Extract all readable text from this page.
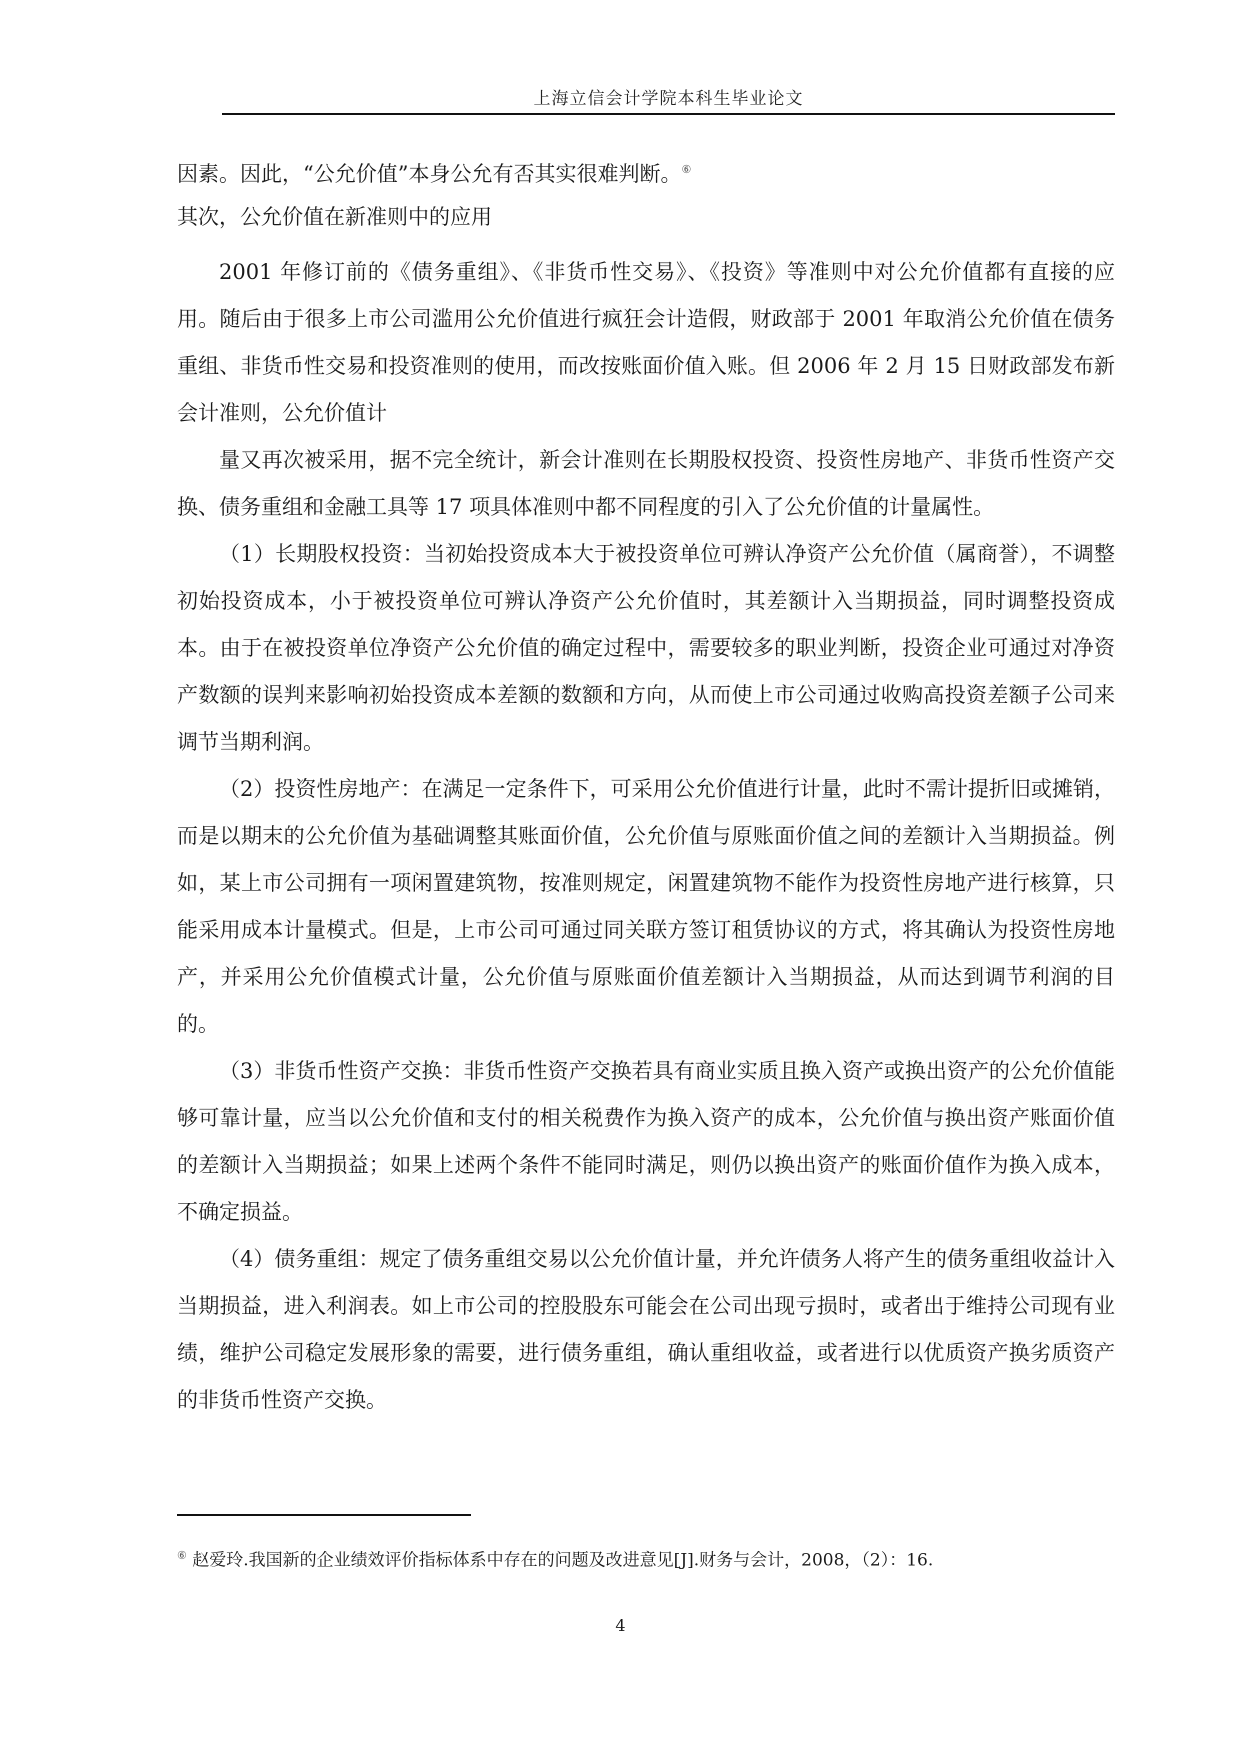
上海立信会计学院本科生毕业论文

因素。因此，“公允价值”本身公允有否其实很难判断。⑥

其次，公允价值在新准则中的应用

2001 年修订前的《债务重组》、《非货币性交易》、《投资》等准则中对公允价值都有直接的应用。随后由于很多上市公司滥用公允价值进行疯狂会计造假，财政部于 2001 年取消公允价值在债务重组、非货币性交易和投资准则的使用，而改按账面价值入账。但 2006 年 2 月 15 日财政部发布新会计准则，公允价值计

量又再次被采用，据不完全统计，新会计准则在长期股权投资、投资性房地产、非货币性资产交换、债务重组和金融工具等 17 项具体准则中都不同程度的引入了公允价值的计量属性。

（1）长期股权投资：当初始投资成本大于被投资单位可辨认净资产公允价值（属商誉），不调整初始投资成本，小于被投资单位可辨认净资产公允价值时，其差额计入当期损益，同时调整投资成本。由于在被投资单位净资产公允价值的确定过程中，需要较多的职业判断，投资企业可通过对净资产数额的误判来影响初始投资成本差额的数额和方向，从而使上市公司通过收购高投资差额子公司来调节当期利润。

（2）投资性房地产：在满足一定条件下，可采用公允价值进行计量，此时不需计提折旧或摊销，而是以期末的公允价值为基础调整其账面价值，公允价值与原账面价值之间的差额计入当期损益。例如，某上市公司拥有一项闲置建筑物，按准则规定，闲置建筑物不能作为投资性房地产进行核算，只能采用成本计量模式。但是，上市公司可通过同关联方签订租赁协议的方式，将其确认为投资性房地产，并采用公允价值模式计量，公允价值与原账面价值差额计入当期损益，从而达到调节利润的目的。

（3）非货币性资产交换：非货币性资产交换若具有商业实质且换入资产或换出资产的公允价值能够可靠计量，应当以公允价值和支付的相关税费作为换入资产的成本，公允价值与换出资产账面价值的差额计入当期损益；如果上述两个条件不能同时满足，则仍以换出资产的账面价值作为换入成本，不确定损益。

（4）债务重组：规定了债务重组交易以公允价值计量，并允许债务人将产生的债务重组收益计入当期损益，进入利润表。如上市公司的控股股东可能会在公司出现亏损时，或者出于维持公司现有业绩，维护公司稳定发展形象的需要，进行债务重组，确认重组收益，或者进行以优质资产换劣质资产的非货币性资产交换。

⑥ 赵爱玲.我国新的企业绩效评价指标体系中存在的问题及改进意见[J].财务与会计，2008，（2）：16.
4
